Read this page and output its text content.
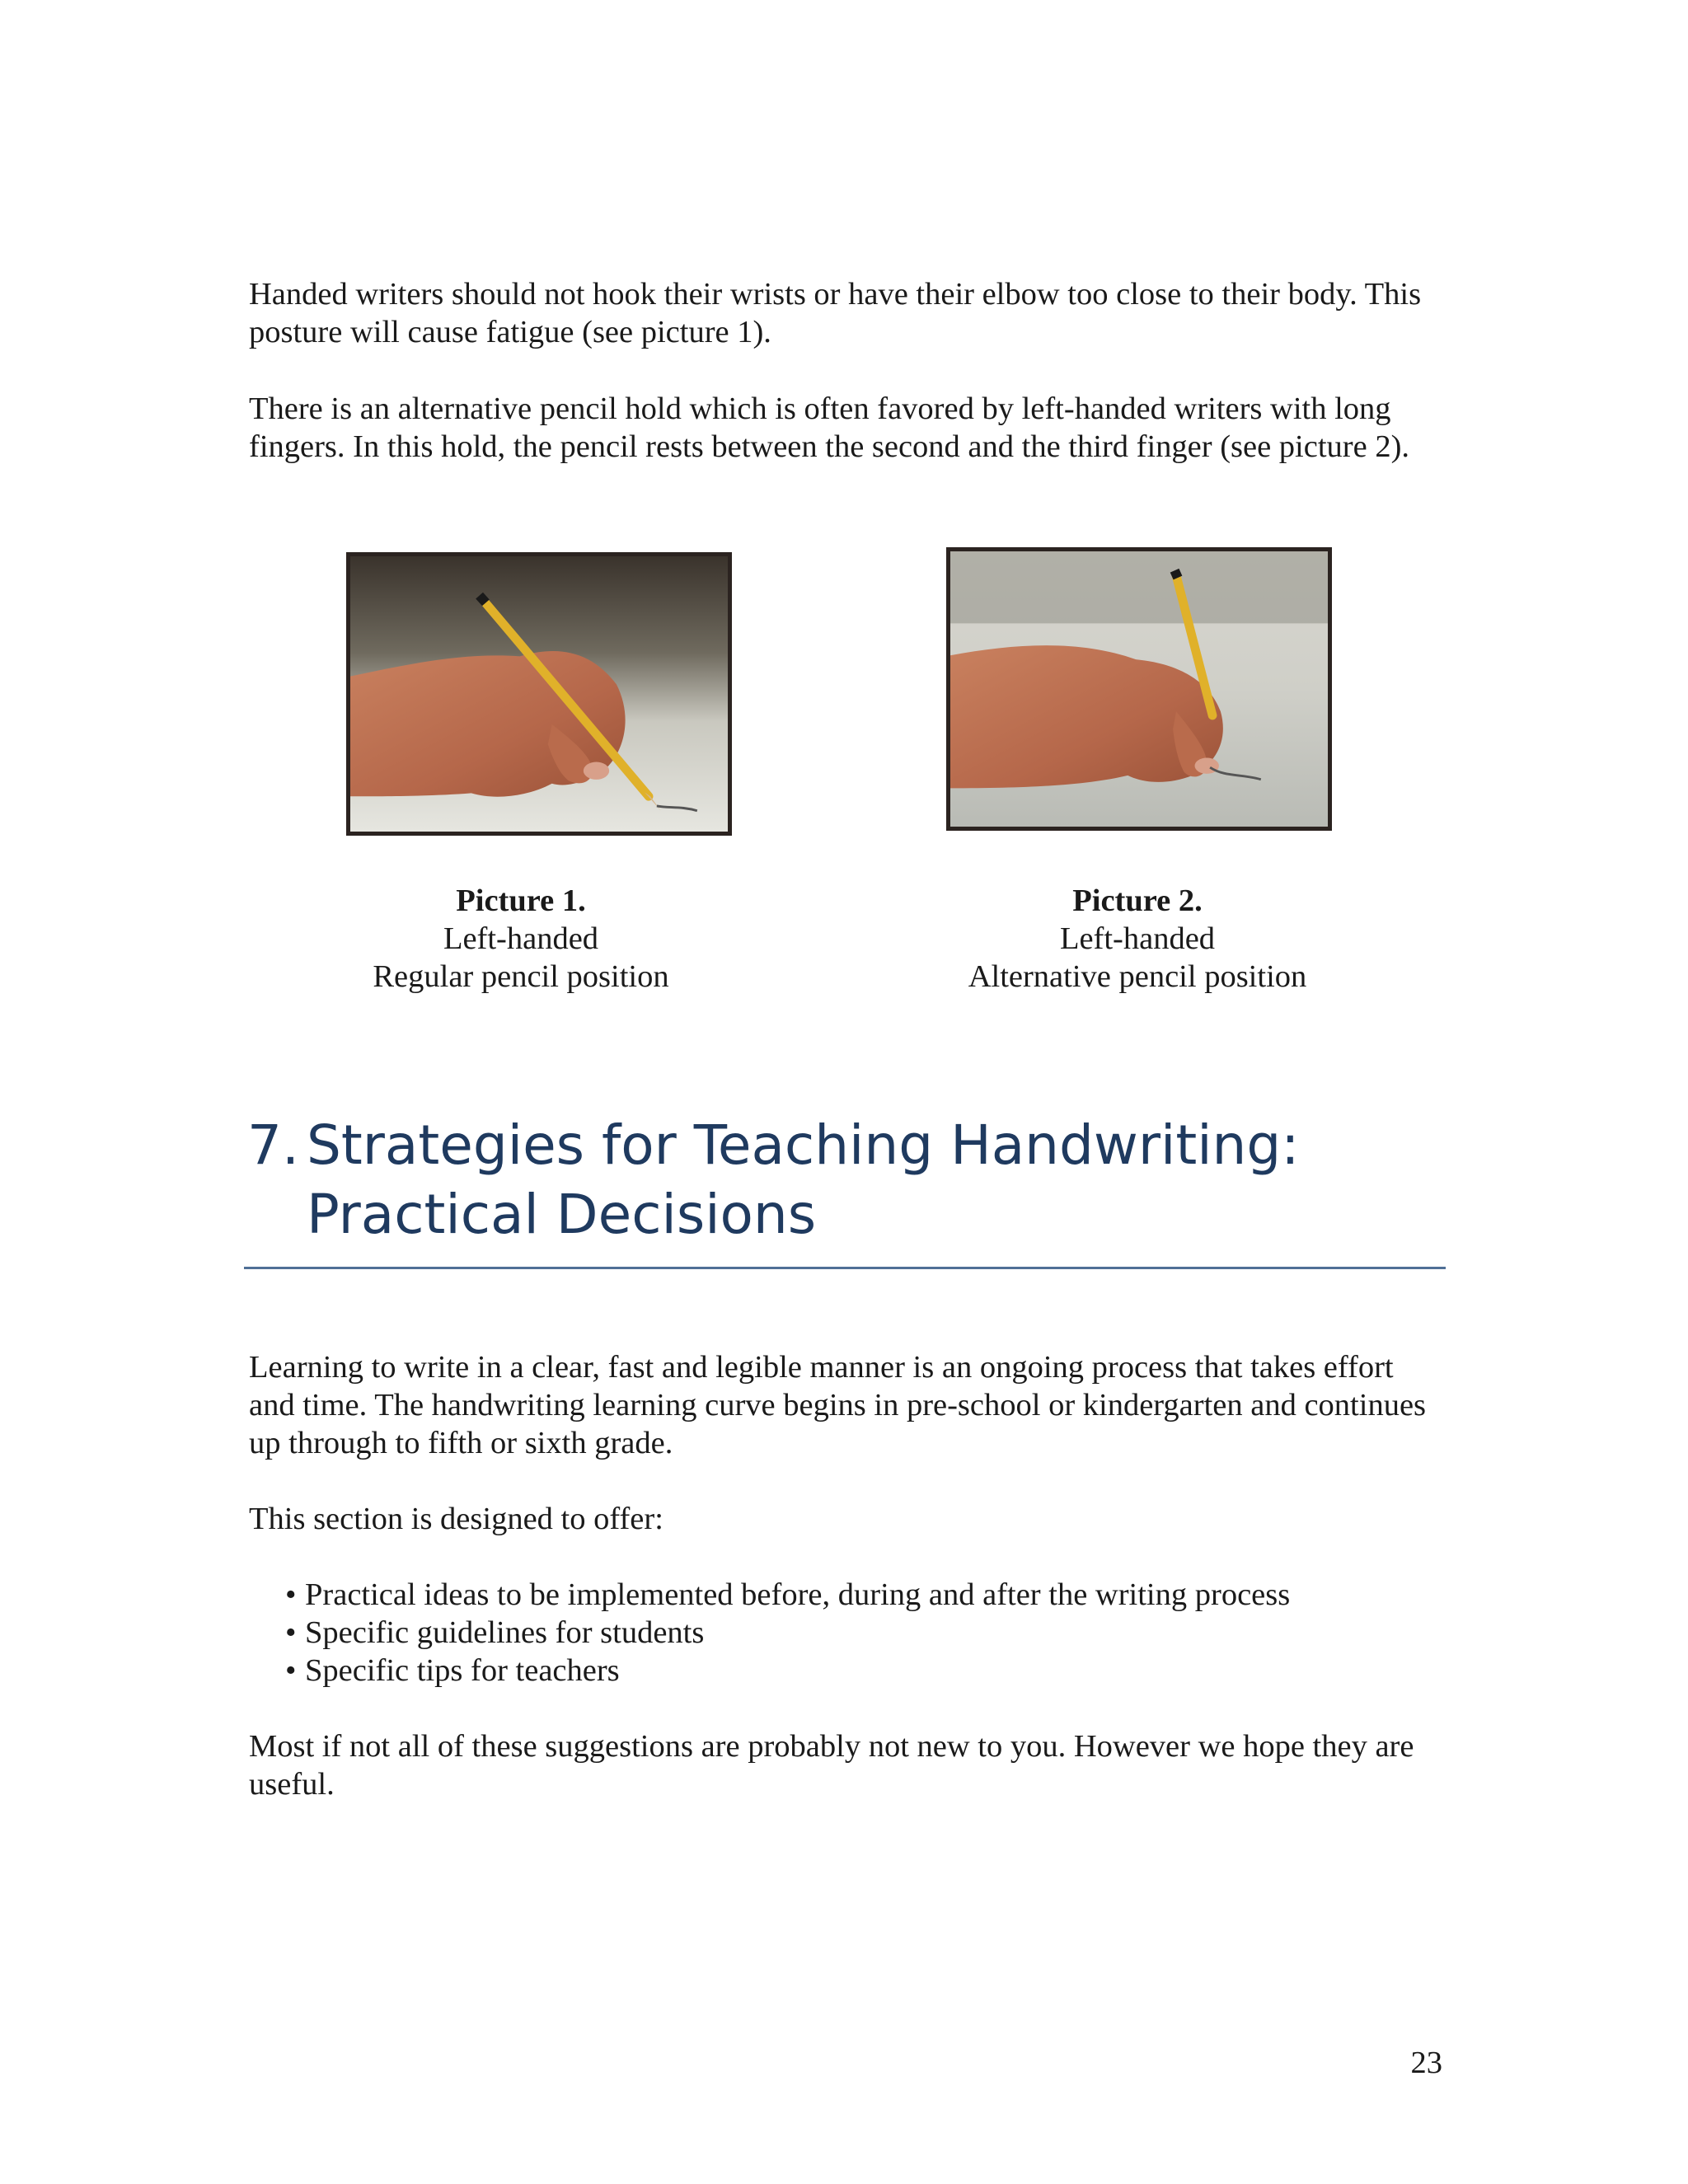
Handed writers should not hook their wrists or have their elbow too close to their body. This posture will cause fatigue (see picture 1).

There is an alternative pencil hold which is often favored by left-handed writers with long fingers. In this hold, the pencil rests between the second and the third finger (see picture 2).

Picture 1.
Left-handed
Regular pencil position
Picture 2.
Left-handed
Alternative pencil position
7. Strategies for Teaching Handwriting:
Practical Decisions

Learning to write in a clear, fast and legible manner is an ongoing process that takes effort and time. The handwriting learning curve begins in pre-school or kindergarten and continues up through to fifth or sixth grade.

This section is designed to offer:

• Practical ideas to be implemented before, during and after the writing process
• Specific guidelines for students
• Specific tips for teachers

Most if not all of these suggestions are probably not new to you. However we hope they are useful.

23
